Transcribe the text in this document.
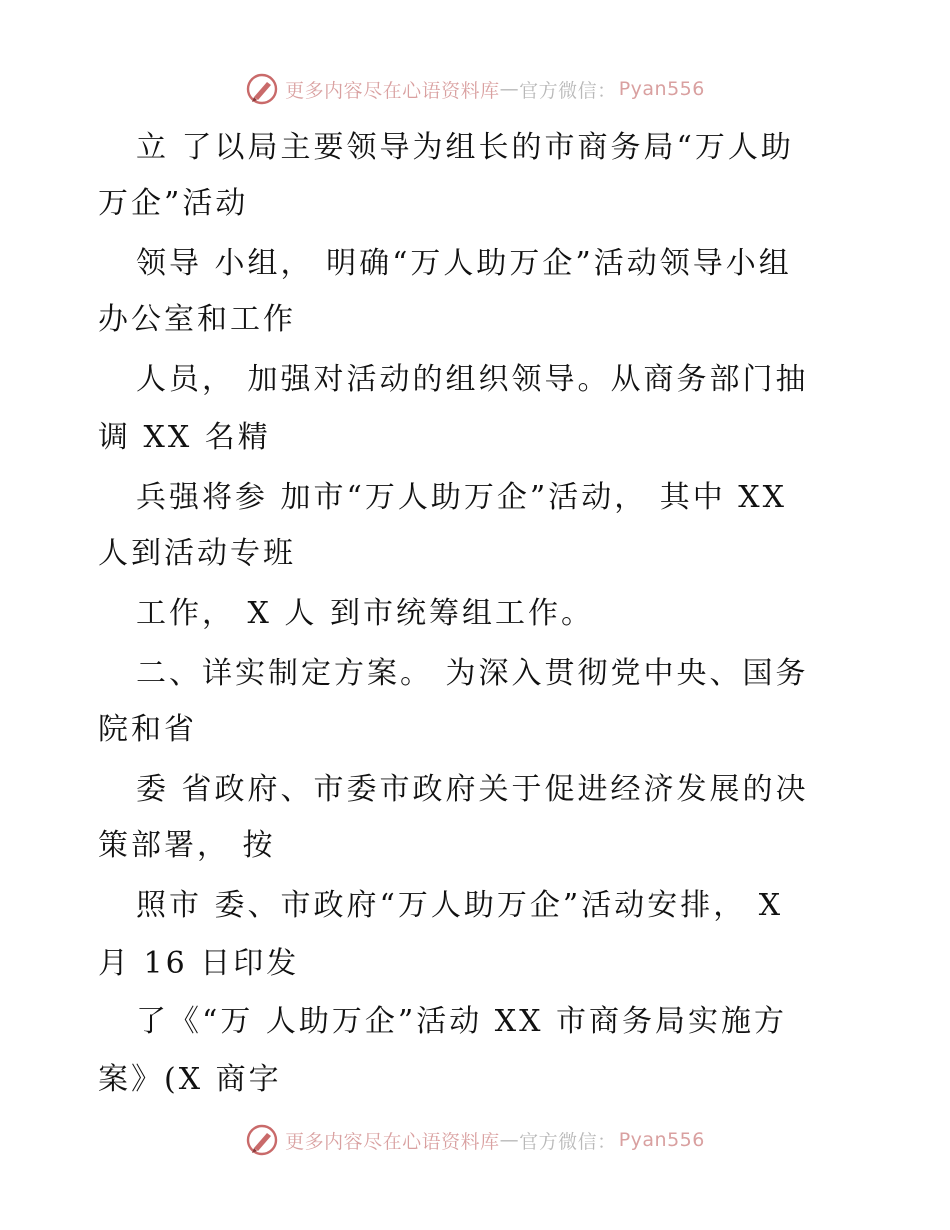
更多内容尽在心语资料库 — 官方微信： Pyan556
立 了以局主要领导为组长的市商务局“万人助
万企”活动
领导 小组， 明确“万人助万企”活动领导小组
办公室和工作
人员， 加强对活动的组织领导。从商务部门抽
调 XX 名精
兵强将参 加市“万人助万企”活动， 其中 XX
人到活动专班
工作， X 人 到市统筹组工作。
二、详实制定方案。 为深入贯彻党中央、国务
院和省
委 省政府、市委市政府关于促进经济发展的决
策部署， 按
照市 委、市政府“万人助万企”活动安排， X
月 16 日印发
了《“万 人助万企”活动 XX 市商务局实施方
案》(X 商字
更多内容尽在心语资料库 — 官方微信： Pyan556
